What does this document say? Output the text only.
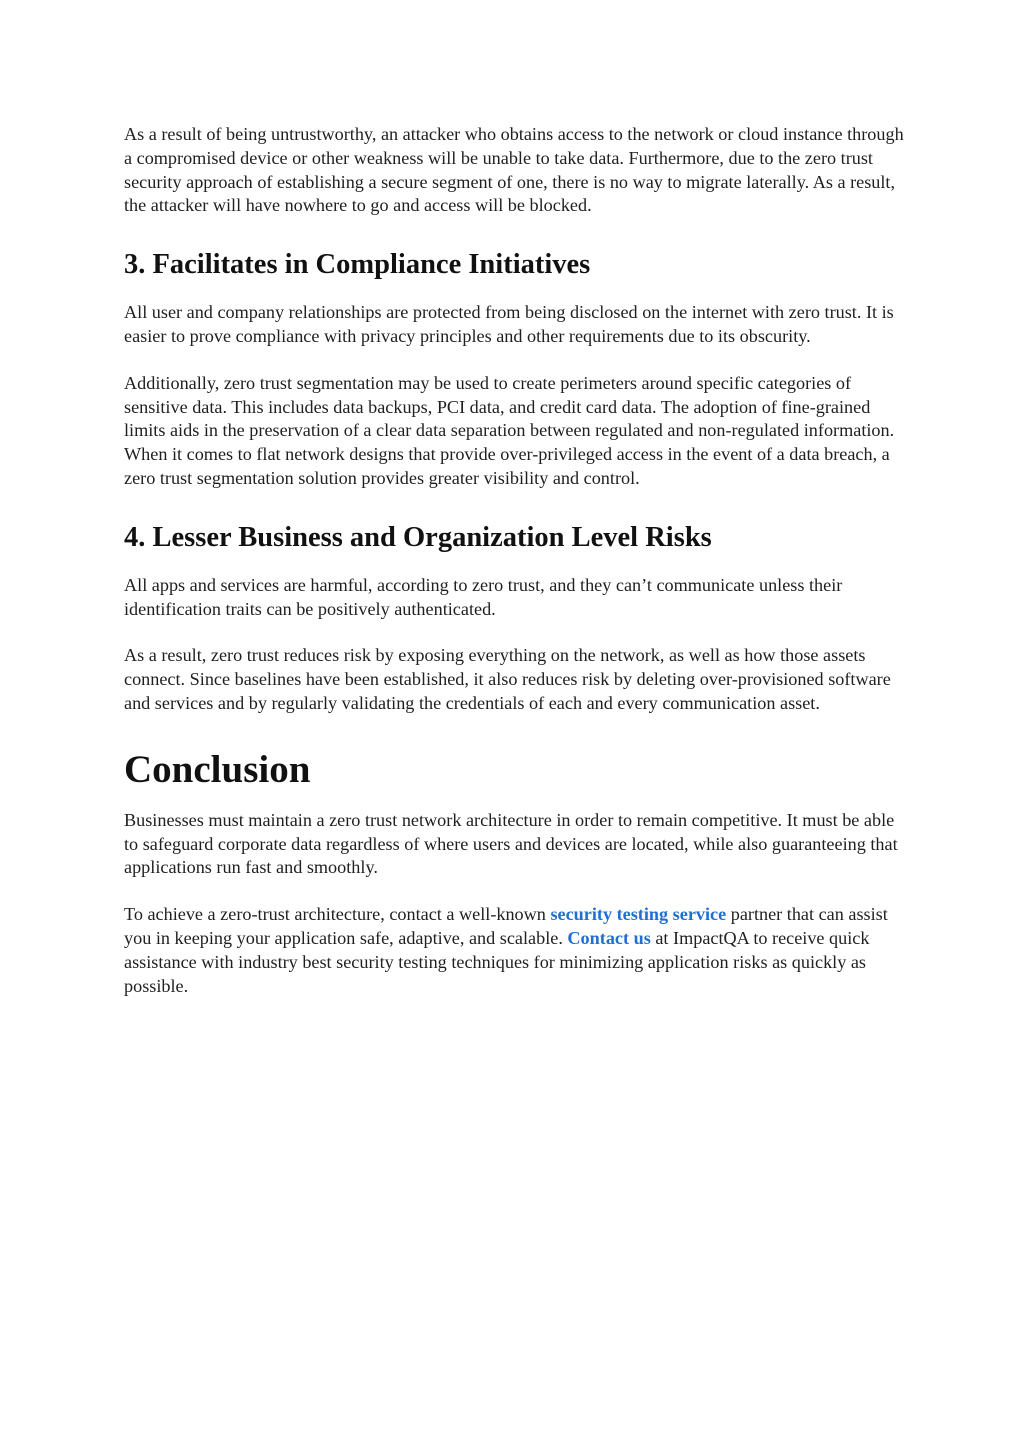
As a result of being untrustworthy, an attacker who obtains access to the network or cloud instance through a compromised device or other weakness will be unable to take data. Furthermore, due to the zero trust security approach of establishing a secure segment of one, there is no way to migrate laterally. As a result, the attacker will have nowhere to go and access will be blocked.

3. Facilitates in Compliance Initiatives

All user and company relationships are protected from being disclosed on the internet with zero trust. It is easier to prove compliance with privacy principles and other requirements due to its obscurity.

Additionally, zero trust segmentation may be used to create perimeters around specific categories of sensitive data. This includes data backups, PCI data, and credit card data. The adoption of fine-grained limits aids in the preservation of a clear data separation between regulated and non-regulated information. When it comes to flat network designs that provide over-privileged access in the event of a data breach, a zero trust segmentation solution provides greater visibility and control.

4. Lesser Business and Organization Level Risks

All apps and services are harmful, according to zero trust, and they can’t communicate unless their identification traits can be positively authenticated.

As a result, zero trust reduces risk by exposing everything on the network, as well as how those assets connect. Since baselines have been established, it also reduces risk by deleting over-provisioned software and services and by regularly validating the credentials of each and every communication asset.

Conclusion

Businesses must maintain a zero trust network architecture in order to remain competitive. It must be able to safeguard corporate data regardless of where users and devices are located, while also guaranteeing that applications run fast and smoothly.

To achieve a zero-trust architecture, contact a well-known security testing service partner that can assist you in keeping your application safe, adaptive, and scalable. Contact us at ImpactQA to receive quick assistance with industry best security testing techniques for minimizing application risks as quickly as possible.
